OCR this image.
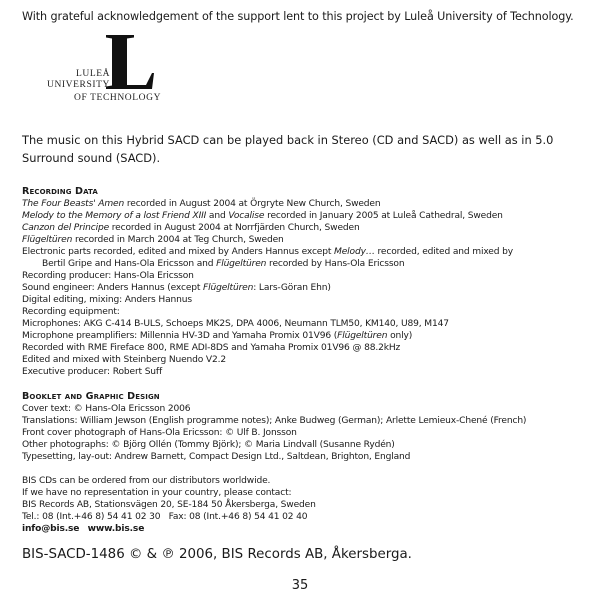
With grateful acknowledgement of the support lent to this project by Luleå University of Technology.
LULEÅ
UNIVERSITY
OF TECHNOLOGY
The music on this Hybrid SACD can be played back in Stereo (CD and SACD) as well as in 5.0 Surround sound (SACD).
Recording Data
The Four Beasts' Amen recorded in August 2004 at Örgryte New Church, Sweden
Melody to the Memory of a lost Friend XIII and Vocalise recorded in January 2005 at Luleå Cathedral, Sweden
Canzon del Principe recorded in August 2004 at Norrfjärden Church, Sweden
Flügeltüren recorded in March 2004 at Teg Church, Sweden
Electronic parts recorded, edited and mixed by Anders Hannus except Melody… recorded, edited and mixed by
Bertil Gripe and Hans-Ola Ericsson and Flügeltüren recorded by Hans-Ola Ericsson
Recording producer: Hans-Ola Ericsson
Sound engineer: Anders Hannus (except Flügeltüren: Lars-Göran Ehn)
Digital editing, mixing: Anders Hannus
Recording equipment:
Microphones: AKG C-414 B-ULS, Schoeps MK2S, DPA 4006, Neumann TLM50, KM140, U89, M147
Microphone preamplifiers: Millennia HV-3D and Yamaha Promix 01V96 (Flügeltüren only)
Recorded with RME Fireface 800, RME ADI-8DS and Yamaha Promix 01V96 @ 88.2kHz
Edited and mixed with Steinberg Nuendo V2.2
Executive producer: Robert Suff
Booklet and Graphic Design
Cover text: © Hans-Ola Ericsson 2006
Translations: William Jewson (English programme notes); Anke Budweg (German); Arlette Lemieux-Chené (French)
Front cover photograph of Hans-Ola Ericsson: © Ulf B. Jonsson
Other photographs: © Björg Ollén (Tommy Björk); © Maria Lindvall (Susanne Rydén)
Typesetting, lay-out: Andrew Barnett, Compact Design Ltd., Saltdean, Brighton, England
BIS CDs can be ordered from our distributors worldwide.
If we have no representation in your country, please contact:
BIS Records AB, Stationsvägen 20, SE-184 50 Åkersberga, Sweden
Tel.: 08 (Int.+46 8) 54 41 02 30   Fax: 08 (Int.+46 8) 54 41 02 40
info@bis.se www.bis.se
BIS-SACD-1486 © & ℗ 2006, BIS Records AB, Åkersberga.
35
